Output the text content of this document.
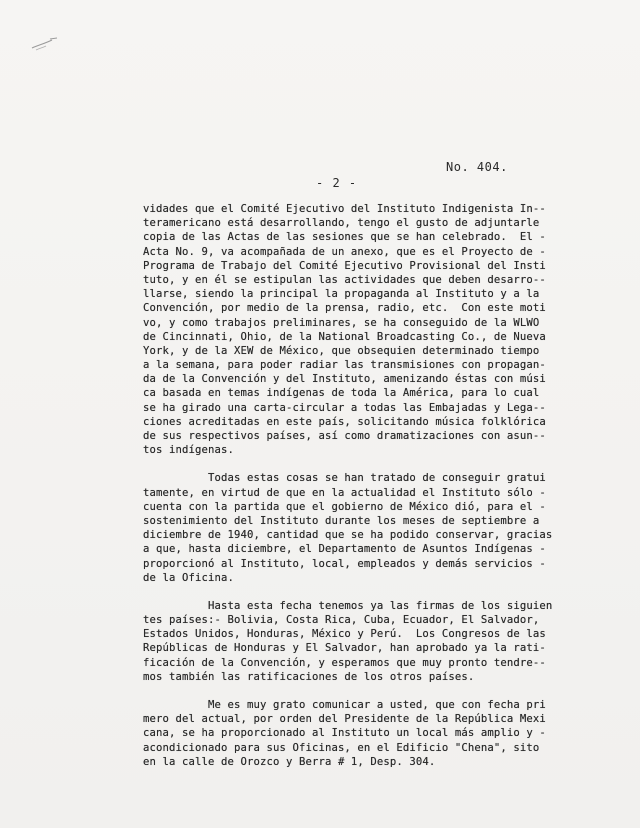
No. 404.
- 2 -
vidades que el Comité Ejecutivo del Instituto Indigenista In--
teramericano está desarrollando, tengo el gusto de adjuntarle
copia de las Actas de las sesiones que se han celebrado.  El -
Acta No. 9, va acompañada de un anexo, que es el Proyecto de -
Programa de Trabajo del Comité Ejecutivo Provisional del Insti
tuto, y en él se estipulan las actividades que deben desarro--
llarse, siendo la principal la propaganda al Instituto y a la
Convención, por medio de la prensa, radio, etc.  Con este moti
vo, y como trabajos preliminares, se ha conseguido de la WLWO
de Cincinnati, Ohio, de la National Broadcasting Co., de Nueva
York, y de la XEW de México, que obsequien determinado tiempo
a la semana, para poder radiar las transmisiones con propagan-
da de la Convención y del Instituto, amenizando éstas con músi
ca basada en temas indígenas de toda la América, para lo cual
se ha girado una carta-circular a todas las Embajadas y Lega--
ciones acreditadas en este país, solicitando música folklórica
de sus respectivos países, así como dramatizaciones con asun--
tos indígenas.
Todas estas cosas se han tratado de conseguir gratui
tamente, en virtud de que en la actualidad el Instituto sólo -
cuenta con la partida que el gobierno de México dió, para el -
sostenimiento del Instituto durante los meses de septiembre a
diciembre de 1940, cantidad que se ha podido conservar, gracias
a que, hasta diciembre, el Departamento de Asuntos Indígenas -
proporcionó al Instituto, local, empleados y demás servicios -
de la Oficina.
Hasta esta fecha tenemos ya las firmas de los siguien
tes países:- Bolivia, Costa Rica, Cuba, Ecuador, El Salvador,
Estados Unidos, Honduras, México y Perú.  Los Congresos de las
Repúblicas de Honduras y El Salvador, han aprobado ya la rati-
ficación de la Convención, y esperamos que muy pronto tendre--
mos también las ratificaciones de los otros países.
Me es muy grato comunicar a usted, que con fecha pri
mero del actual, por orden del Presidente de la República Mexi
cana, se ha proporcionado al Instituto un local más amplio y -
acondicionado para sus Oficinas, en el Edificio "Chena", sito
en la calle de Orozco y Berra # 1, Desp. 304.
